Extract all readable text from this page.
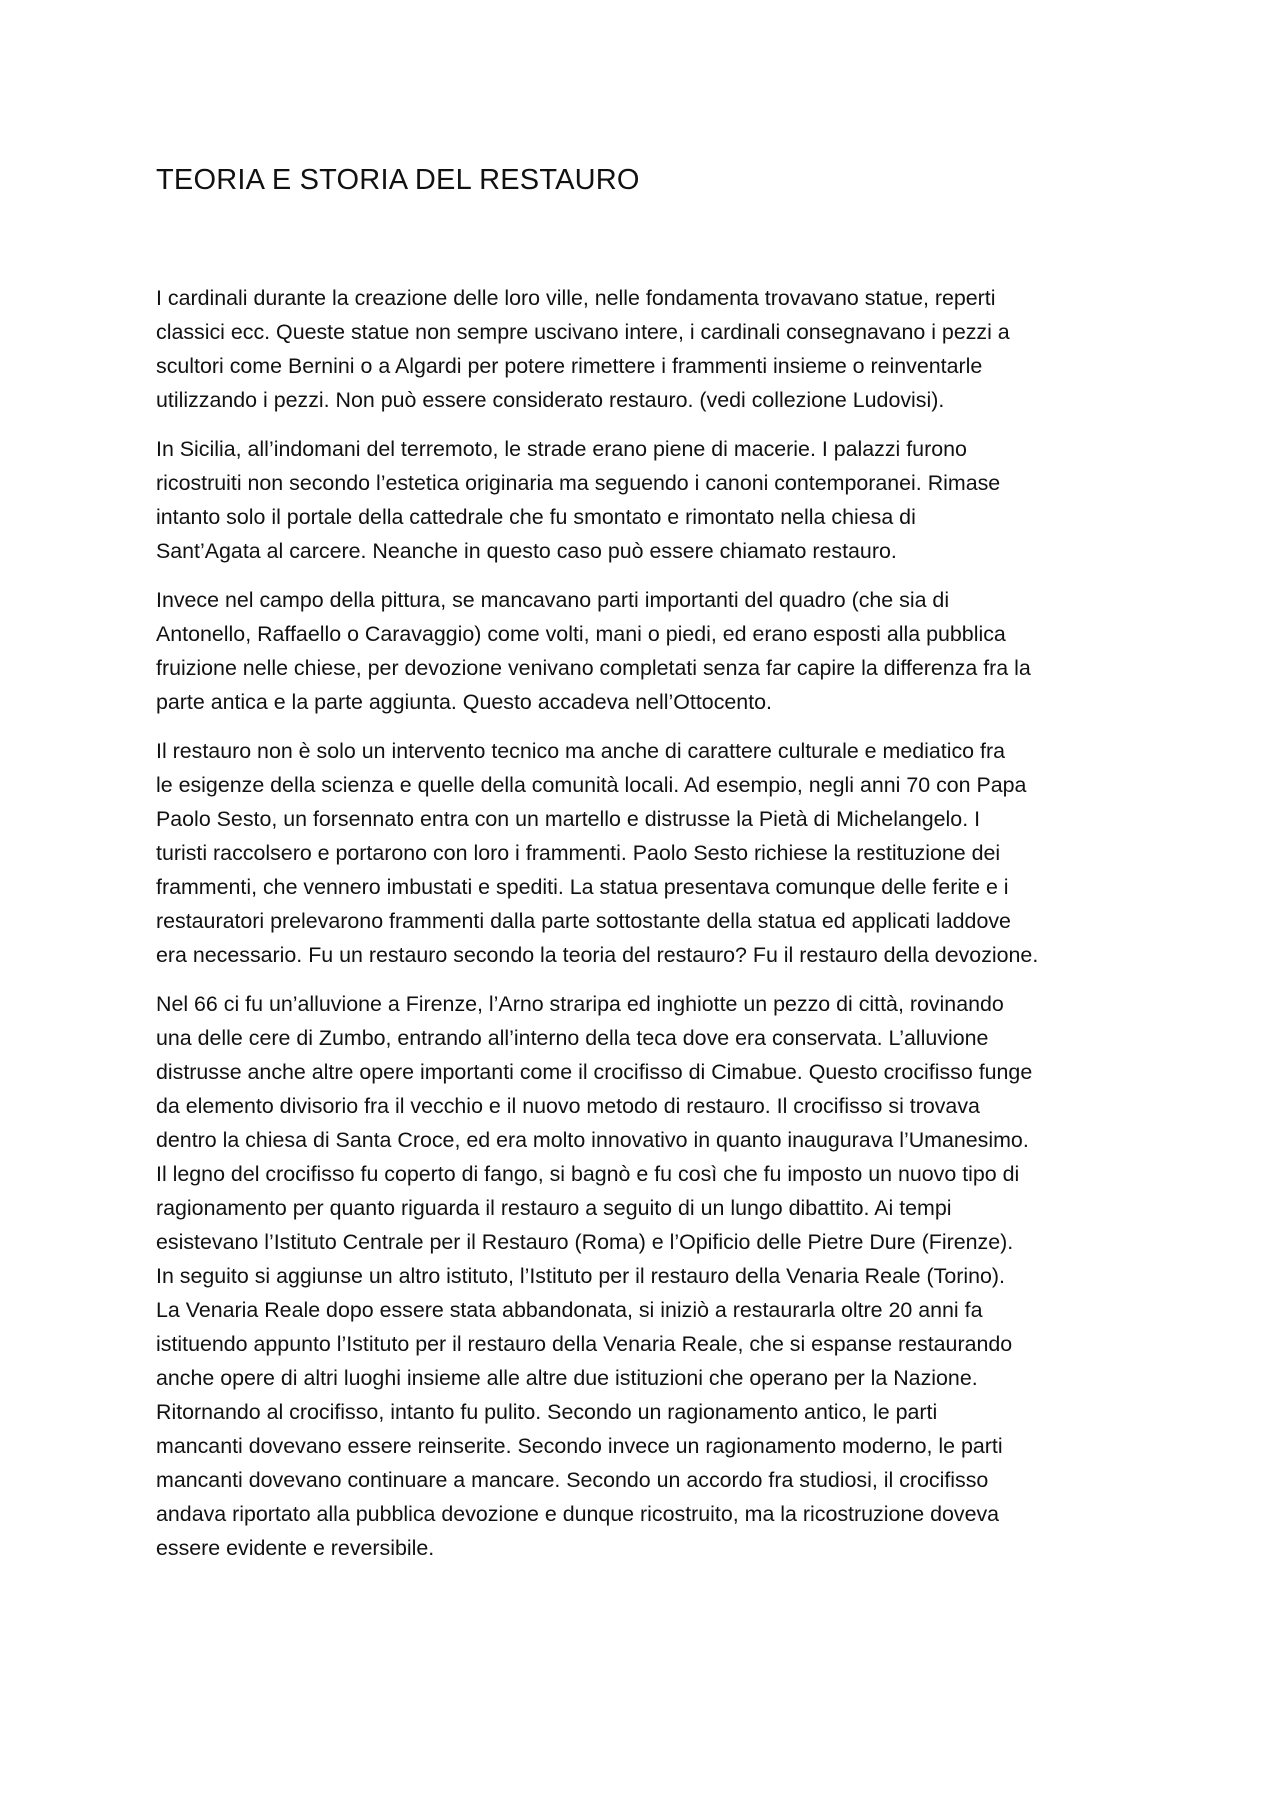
TEORIA E STORIA DEL RESTAURO

I cardinali durante la creazione delle loro ville, nelle fondamenta trovavano statue, reperti
classici ecc. Queste statue non sempre uscivano intere, i cardinali consegnavano i pezzi a
scultori come Bernini o a Algardi per potere rimettere i frammenti insieme o reinventarle
utilizzando i pezzi. Non può essere considerato restauro. (vedi collezione Ludovisi).

In Sicilia, all’indomani del terremoto, le strade erano piene di macerie. I palazzi furono
ricostruiti non secondo l’estetica originaria ma seguendo i canoni contemporanei. Rimase
intanto solo il portale della cattedrale che fu smontato e rimontato nella chiesa di
Sant’Agata al carcere. Neanche in questo caso può essere chiamato restauro.

Invece nel campo della pittura, se mancavano parti importanti del quadro (che sia di
Antonello, Raffaello o Caravaggio) come volti, mani o piedi, ed erano esposti alla pubblica
fruizione nelle chiese, per devozione venivano completati senza far capire la differenza fra la
parte antica e la parte aggiunta. Questo accadeva nell’Ottocento.

Il restauro non è solo un intervento tecnico ma anche di carattere culturale e mediatico fra
le esigenze della scienza e quelle della comunità locali. Ad esempio, negli anni 70 con Papa
Paolo Sesto, un forsennato entra con un martello e distrusse la Pietà di Michelangelo. I
turisti raccolsero e portarono con loro i frammenti. Paolo Sesto richiese la restituzione dei
frammenti, che vennero imbustati e spediti. La statua presentava comunque delle ferite e i
restauratori prelevarono frammenti dalla parte sottostante della statua ed applicati laddove
era necessario. Fu un restauro secondo la teoria del restauro? Fu il restauro della devozione.

Nel 66 ci fu un’alluvione a Firenze, l’Arno straripa ed inghiotte un pezzo di città, rovinando
una delle cere di Zumbo, entrando all’interno della teca dove era conservata. L’alluvione
distrusse anche altre opere importanti come il crocifisso di Cimabue. Questo crocifisso funge
da elemento divisorio fra il vecchio e il nuovo metodo di restauro. Il crocifisso si trovava
dentro la chiesa di Santa Croce, ed era molto innovativo in quanto inaugurava l’Umanesimo.
Il legno del crocifisso fu coperto di fango, si bagnò e fu così che fu imposto un nuovo tipo di
ragionamento per quanto riguarda il restauro a seguito di un lungo dibattito. Ai tempi
esistevano l’Istituto Centrale per il Restauro (Roma) e l’Opificio delle Pietre Dure (Firenze).
In seguito si aggiunse un altro istituto, l’Istituto per il restauro della Venaria Reale (Torino).
La Venaria Reale dopo essere stata abbandonata, si iniziò a restaurarla oltre 20 anni fa
istituendo appunto l’Istituto per il restauro della Venaria Reale, che si espanse restaurando
anche opere di altri luoghi insieme alle altre due istituzioni che operano per la Nazione.
Ritornando al crocifisso, intanto fu pulito. Secondo un ragionamento antico, le parti
mancanti dovevano essere reinserite. Secondo invece un ragionamento moderno, le parti
mancanti dovevano continuare a mancare. Secondo un accordo fra studiosi, il crocifisso
andava riportato alla pubblica devozione e dunque ricostruito, ma la ricostruzione doveva
essere evidente e reversibile.
